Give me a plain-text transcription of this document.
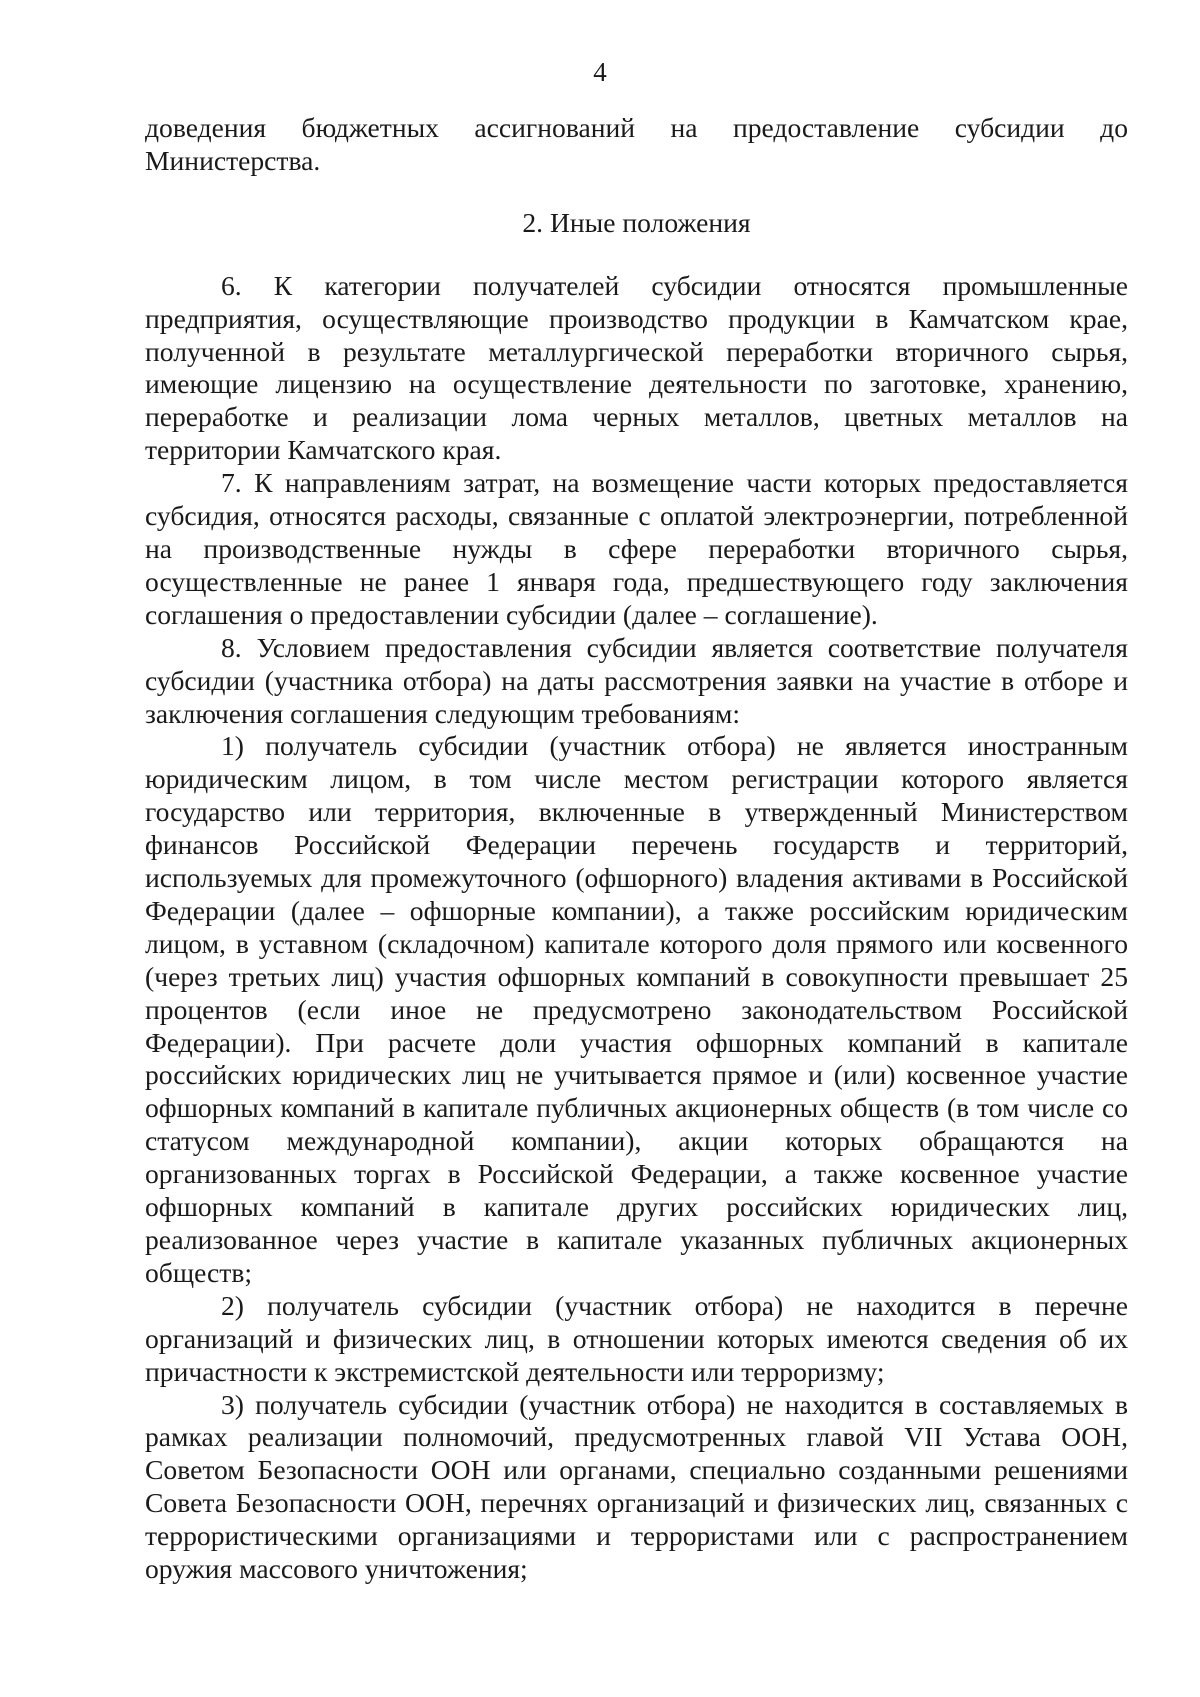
4

доведения бюджетных ассигнований на предоставление субсидии до Министерства.

2. Иные положения

6. К категории получателей субсидии относятся промышленные предприятия, осуществляющие производство продукции в Камчатском крае, полученной в результате металлургической переработки вторичного сырья, имеющие лицензию на осуществление деятельности по заготовке, хранению, переработке и реализации лома черных металлов, цветных металлов на территории Камчатского края.

7. К направлениям затрат, на возмещение части которых предоставляется субсидия, относятся расходы, связанные с оплатой электроэнергии, потребленной на производственные нужды в сфере переработки вторичного сырья, осуществленные не ранее 1 января года, предшествующего году заключения соглашения о предоставлении субсидии (далее – соглашение).

8. Условием предоставления субсидии является соответствие получателя субсидии (участника отбора) на даты рассмотрения заявки на участие в отборе и заключения соглашения следующим требованиям:

1) получатель субсидии (участник отбора) не является иностранным юридическим лицом, в том числе местом регистрации которого является государство или территория, включенные в утвержденный Министерством финансов Российской Федерации перечень государств и территорий, используемых для промежуточного (офшорного) владения активами в Российской Федерации (далее – офшорные компании), а также российским юридическим лицом, в уставном (складочном) капитале которого доля прямого или косвенного (через третьих лиц) участия офшорных компаний в совокупности превышает 25 процентов (если иное не предусмотрено законодательством Российской Федерации). При расчете доли участия офшорных компаний в капитале российских юридических лиц не учитывается прямое и (или) косвенное участие офшорных компаний в капитале публичных акционерных обществ (в том числе со статусом международной компании), акции которых обращаются на организованных торгах в Российской Федерации, а также косвенное участие офшорных компаний в капитале других российских юридических лиц, реализованное через участие в капитале указанных публичных акционерных обществ;

2) получатель субсидии (участник отбора) не находится в перечне организаций и физических лиц, в отношении которых имеются сведения об их причастности к экстремистской деятельности или терроризму;

3) получатель субсидии (участник отбора) не находится в составляемых в рамках реализации полномочий, предусмотренных главой VII Устава ООН, Советом Безопасности ООН или органами, специально созданными решениями Совета Безопасности ООН, перечнях организаций и физических лиц, связанных с террористическими организациями и террористами или с распространением оружия массового уничтожения;
